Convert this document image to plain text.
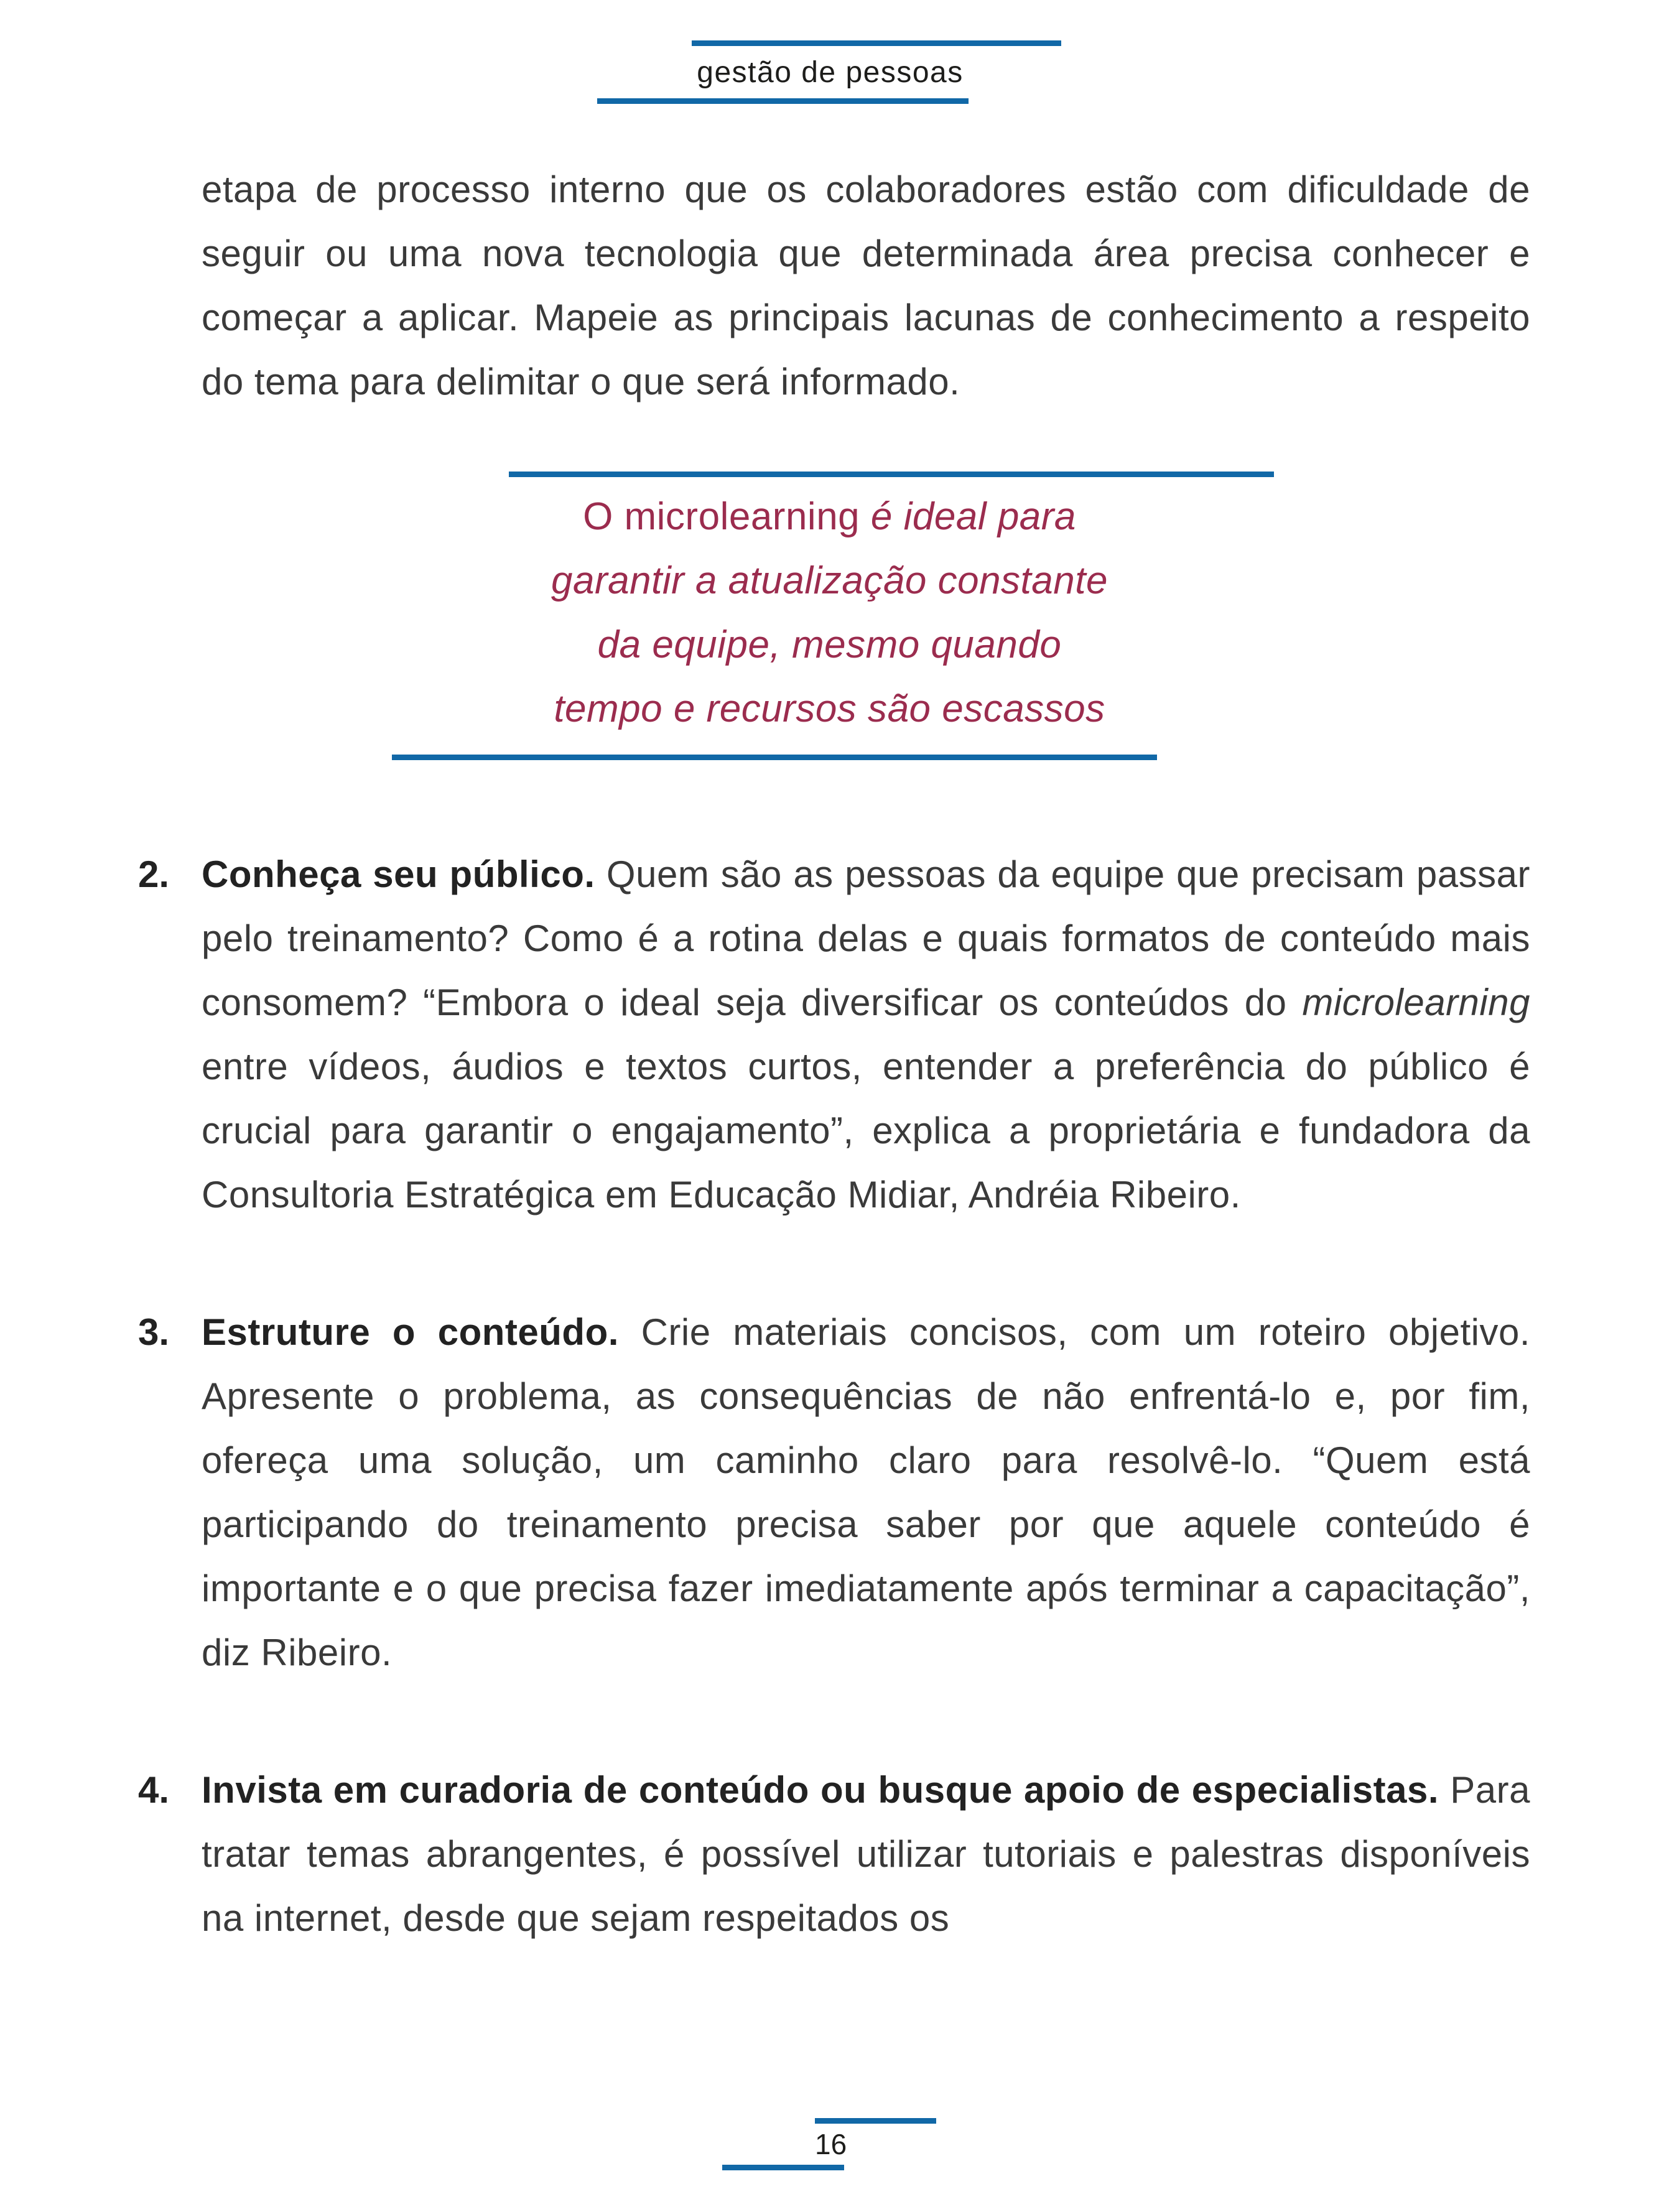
gestão de pessoas

etapa de processo interno que os colaboradores estão com dificuldade de seguir ou uma nova tecnologia que determinada área precisa conhecer e começar a aplicar. Mapeie as principais lacunas de conhecimento a respeito do tema para delimitar o que será informado.

O microlearning é ideal para
garantir a atualização constante
da equipe, mesmo quando
tempo e recursos são escassos
2. Conheça seu público. Quem são as pessoas da equipe que precisam passar pelo treinamento? Como é a rotina delas e quais formatos de conteúdo mais consomem? “Embora o ideal seja diversificar os conteúdos do microlearning entre vídeos, áudios e textos curtos, entender a preferência do público é crucial para garantir o engajamento”, explica a proprietária e fundadora da Consultoria Estratégica em Educação Midiar, Andréia Ribeiro.
3. Estruture o conteúdo. Crie materiais concisos, com um roteiro objetivo. Apresente o problema, as consequências de não enfrentá-lo e, por fim, ofereça uma solução, um caminho claro para resolvê-lo. “Quem está participando do treinamento precisa saber por que aquele conteúdo é importante e o que precisa fazer imediatamente após terminar a capacitação”, diz Ribeiro.
4. Invista em curadoria de conteúdo ou busque apoio de especialistas. Para tratar temas abrangentes, é possível utilizar tutoriais e palestras disponíveis na internet, desde que sejam respeitados os
16
